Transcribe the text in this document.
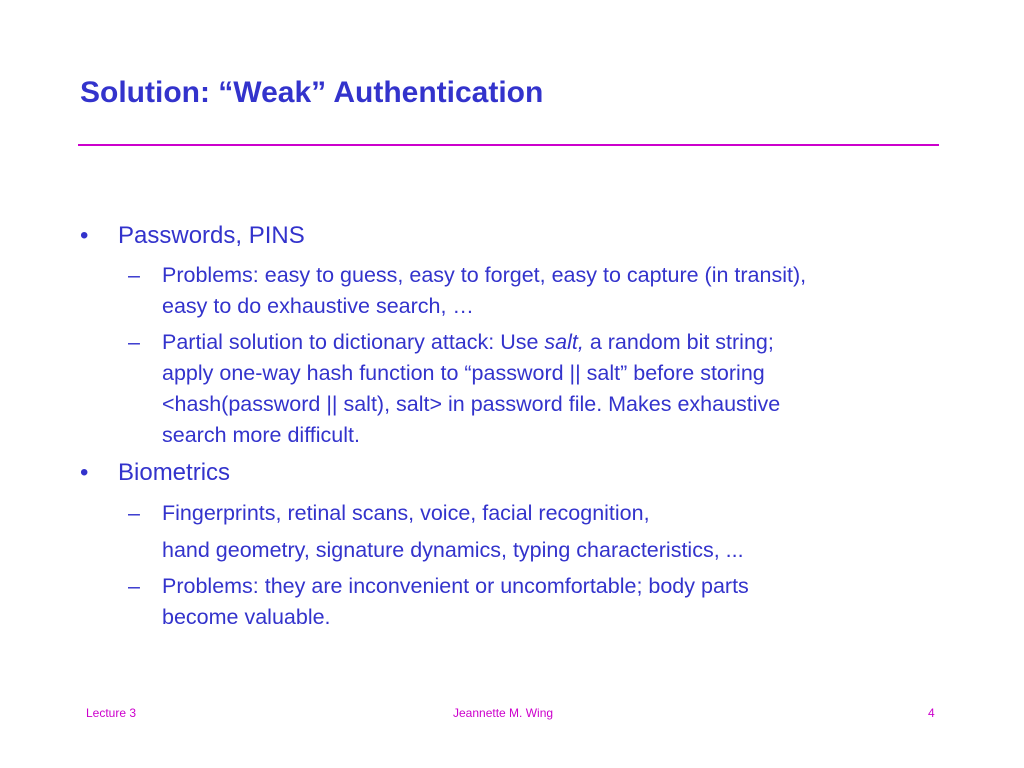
Solution: “Weak” Authentication
• Passwords, PINS
– Problems: easy to guess, easy to forget, easy to capture (in transit),
easy to do exhaustive search, …
– Partial solution to dictionary attack: Use salt, a random bit string;
apply one-way hash function to “password || salt” before storing
<hash(password || salt), salt> in password file. Makes exhaustive
search more difficult.
• Biometrics
– Fingerprints, retinal scans, voice, facial recognition,
hand geometry, signature dynamics, typing characteristics, ...
– Problems: they are inconvenient or uncomfortable; body parts
become valuable.
Lecture 3	Jeannette M. Wing	4
